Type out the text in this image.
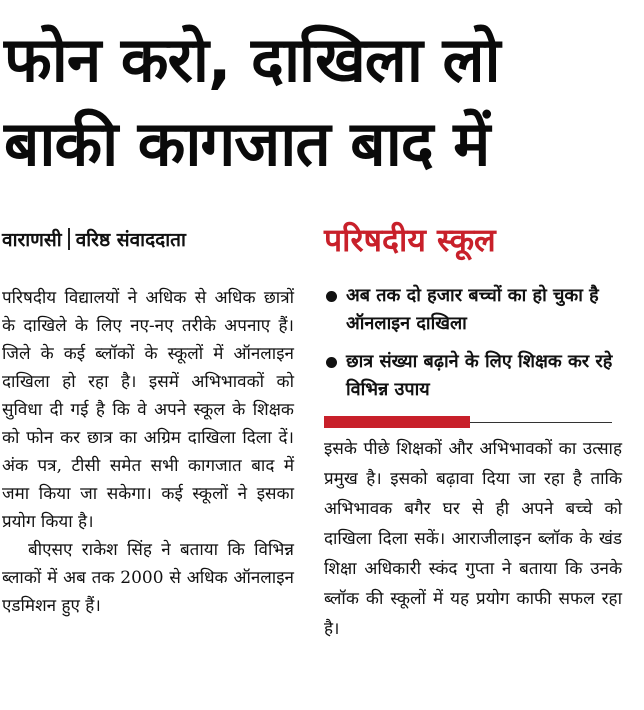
फोन करो, दाखिला लो
बाकी कागजात बाद में
वाराणसी वरिष्ठ संवाददाता

परिषदीय विद्यालयों ने अधिक से अधिक छात्रों के दाखिले के लिए नए-नए तरीके अपनाए हैं। जिले के कई ब्लॉकों के स्कूलों में ऑनलाइन दाखिला हो रहा है। इसमें अभिभावकों को सुविधा दी गई है कि वे अपने स्कूल के शिक्षक को फोन कर छात्र का अग्रिम दाखिला दिला दें। अंक पत्र, टीसी समेत सभी कागजात बाद में जमा किया जा सकेगा। कई स्कूलों ने इसका प्रयोग किया है।

बीएसए राकेश सिंह ने बताया कि विभिन्न ब्लाकों में अब तक 2000 से अधिक ऑनलाइन एडमिशन हुए हैं।

परिषदीय स्कूल
अब तक दो हजार बच्चों का हो चुका है ऑनलाइन दाखिला
छात्र संख्या बढ़ाने के लिए शिक्षक कर रहे विभिन्न उपाय

इसके पीछे शिक्षकों और अभिभावकों का उत्साह प्रमुख है। इसको बढ़ावा दिया जा रहा है ताकि अभिभावक बगैर घर से ही अपने बच्चे को दाखिला दिला सकें। आराजीलाइन ब्लॉक के खंड शिक्षा अधिकारी स्कंद गुप्ता ने बताया कि उनके ब्लॉक की स्कूलों में यह प्रयोग काफी सफल रहा है।
